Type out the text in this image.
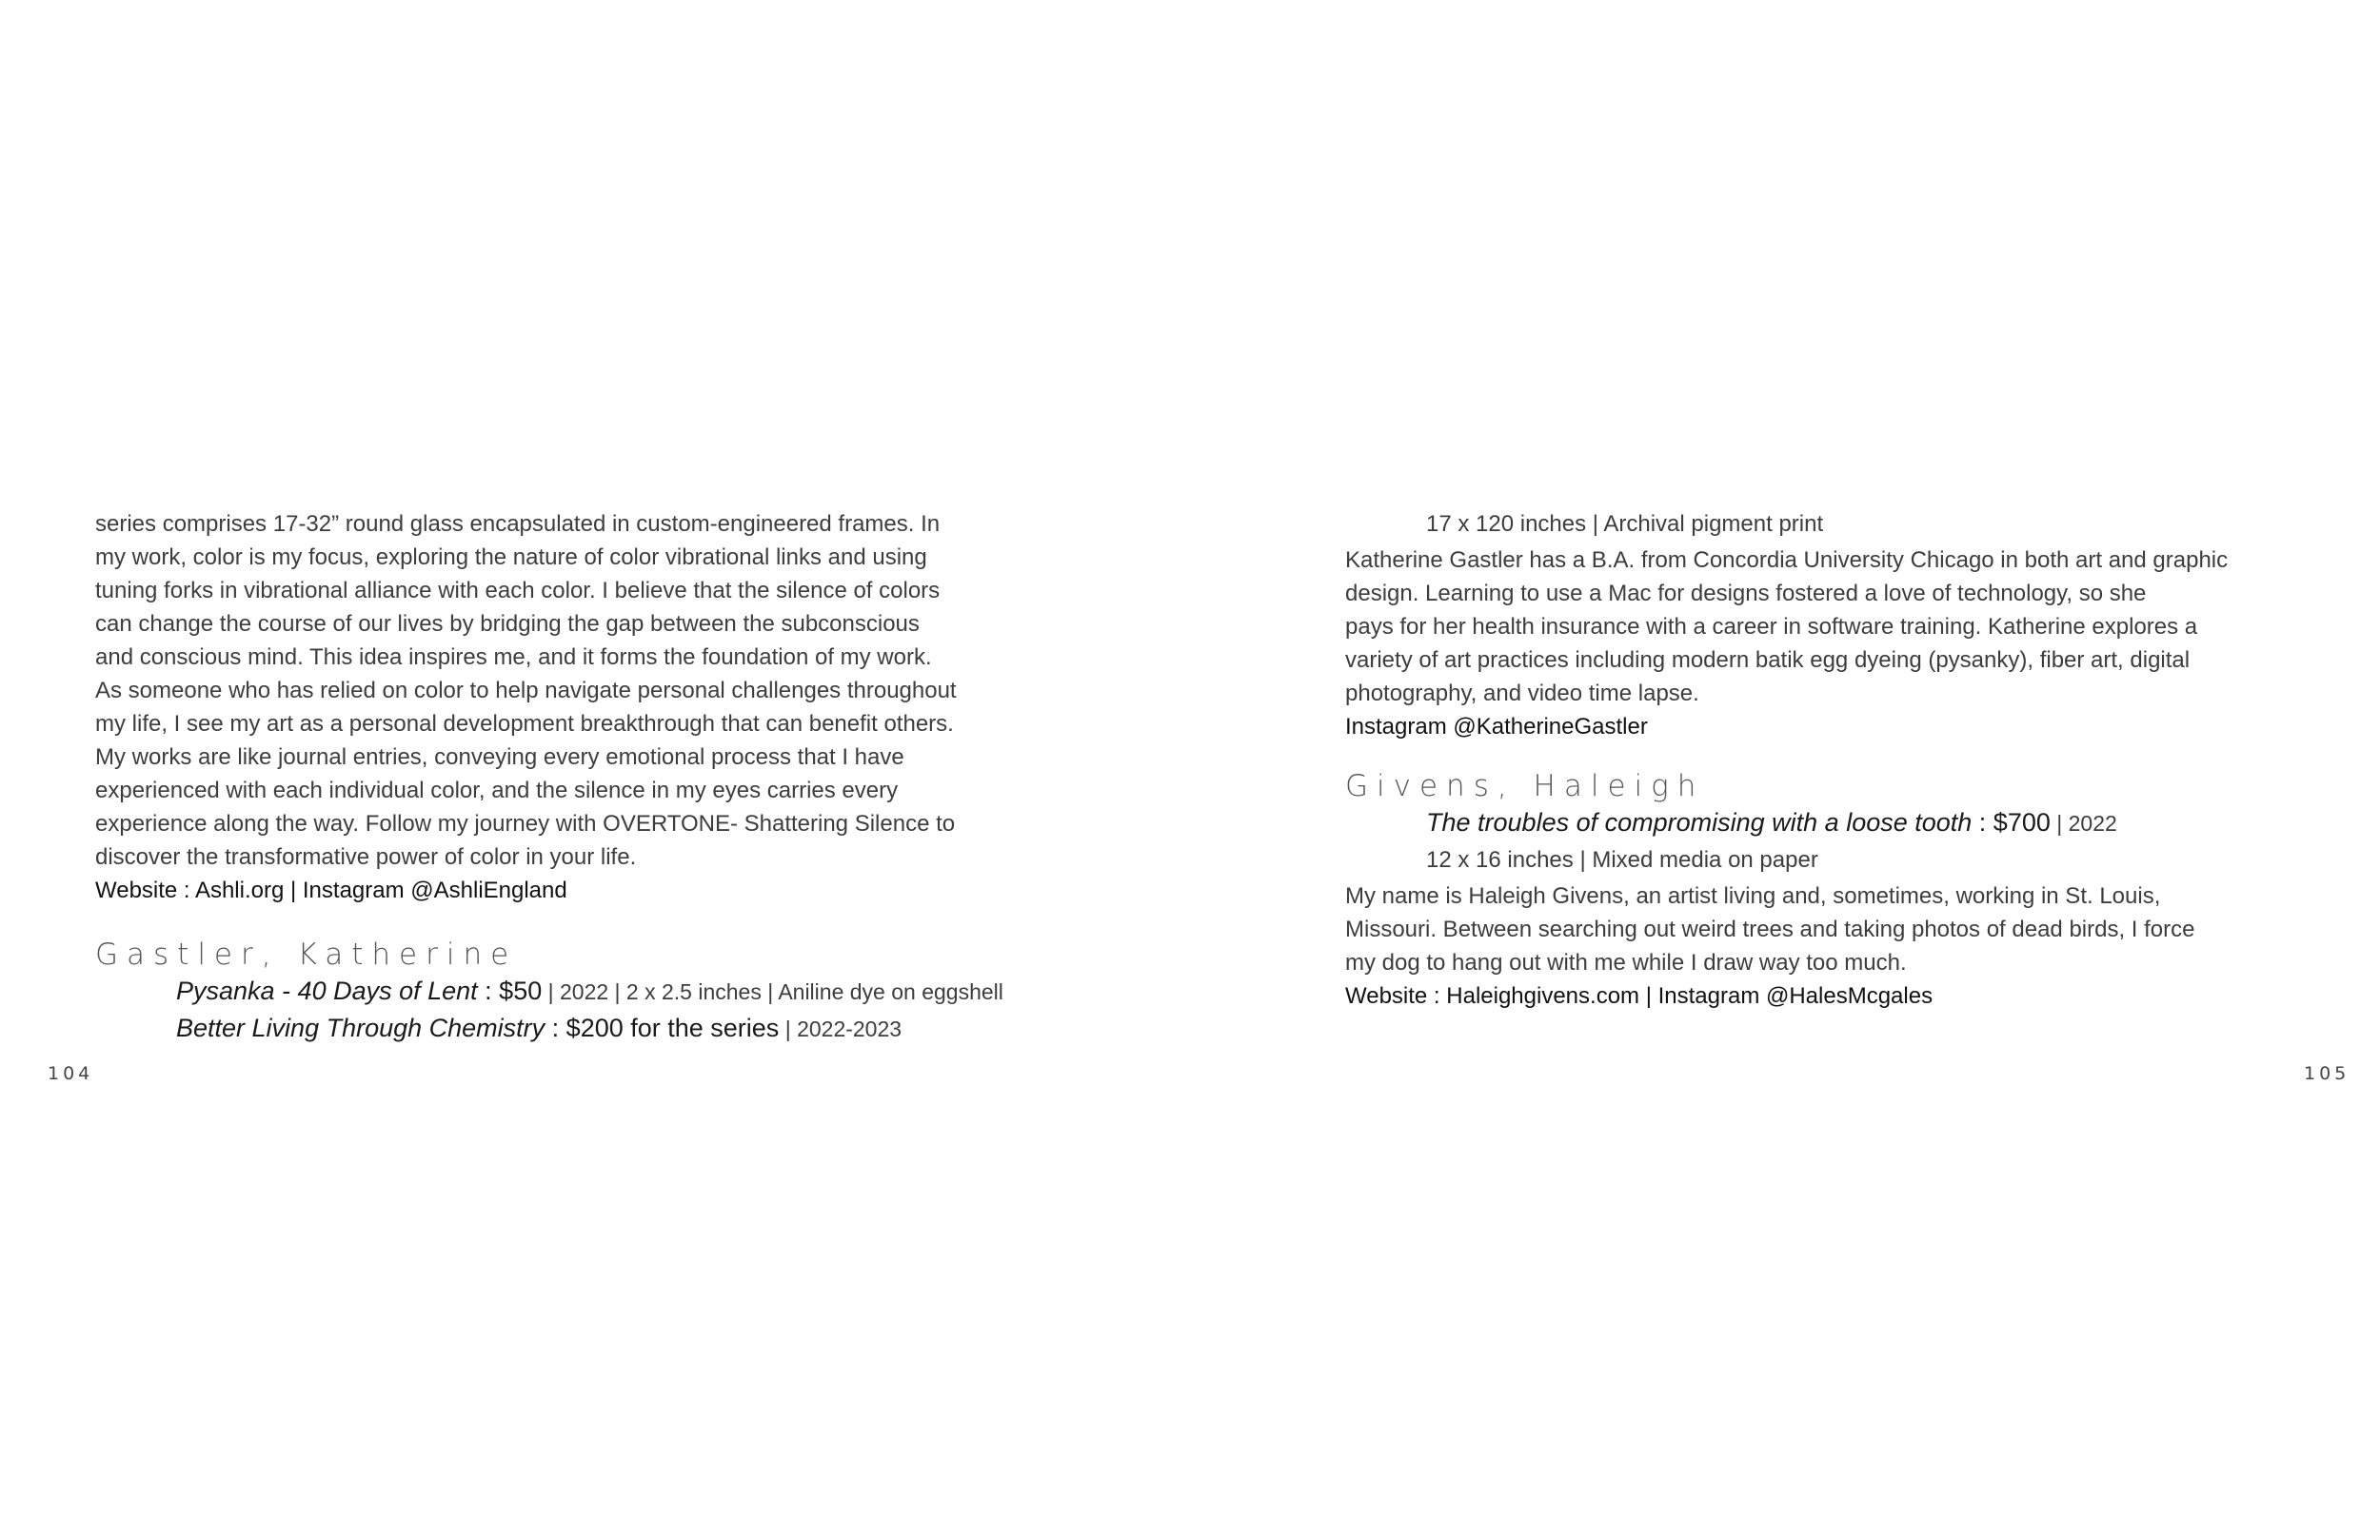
series comprises 17-32” round glass encapsulated in custom-engineered frames. In

my work, color is my focus, exploring the nature of color vibrational links and using

tuning forks in vibrational alliance with each color. I believe that the silence of colors

can change the course of our lives by bridging the gap between the subconscious

and conscious mind. This idea inspires me, and it forms the foundation of my work.

As someone who has relied on color to help navigate personal challenges throughout

my life, I see my art as a personal development breakthrough that can benefit others.

My works are like journal entries, conveying every emotional process that I have

experienced with each individual color, and the silence in my eyes carries every

experience along the way. Follow my journey with OVERTONE- Shattering Silence to

discover the transformative power of color in your life.

Website : Ashli.org | Instagram @AshliEngland

Gastler, Katherine

Pysanka - 40 Days of Lent : $50 | 2022 | 2 x 2.5 inches | Aniline dye on eggshell

Better Living Through Chemistry : $200 for the series | 2022-2023

104

17 x 120 inches | Archival pigment print

Katherine Gastler has a B.A. from Concordia University Chicago in both art and graphic

design. Learning to use a Mac for designs fostered a love of technology, so she

pays for her health insurance with a career in software training. Katherine explores a

variety of art practices including modern batik egg dyeing (pysanky), fiber art, digital

photography, and video time lapse.

Instagram @KatherineGastler

Givens, Haleigh

The troubles of compromising with a loose tooth : $700 | 2022

12 x 16 inches | Mixed media on paper

My name is Haleigh Givens, an artist living and, sometimes, working in St. Louis,

Missouri. Between searching out weird trees and taking photos of dead birds, I force

my dog to hang out with me while I draw way too much.

Website : Haleighgivens.com | Instagram @HalesMcgales

105
